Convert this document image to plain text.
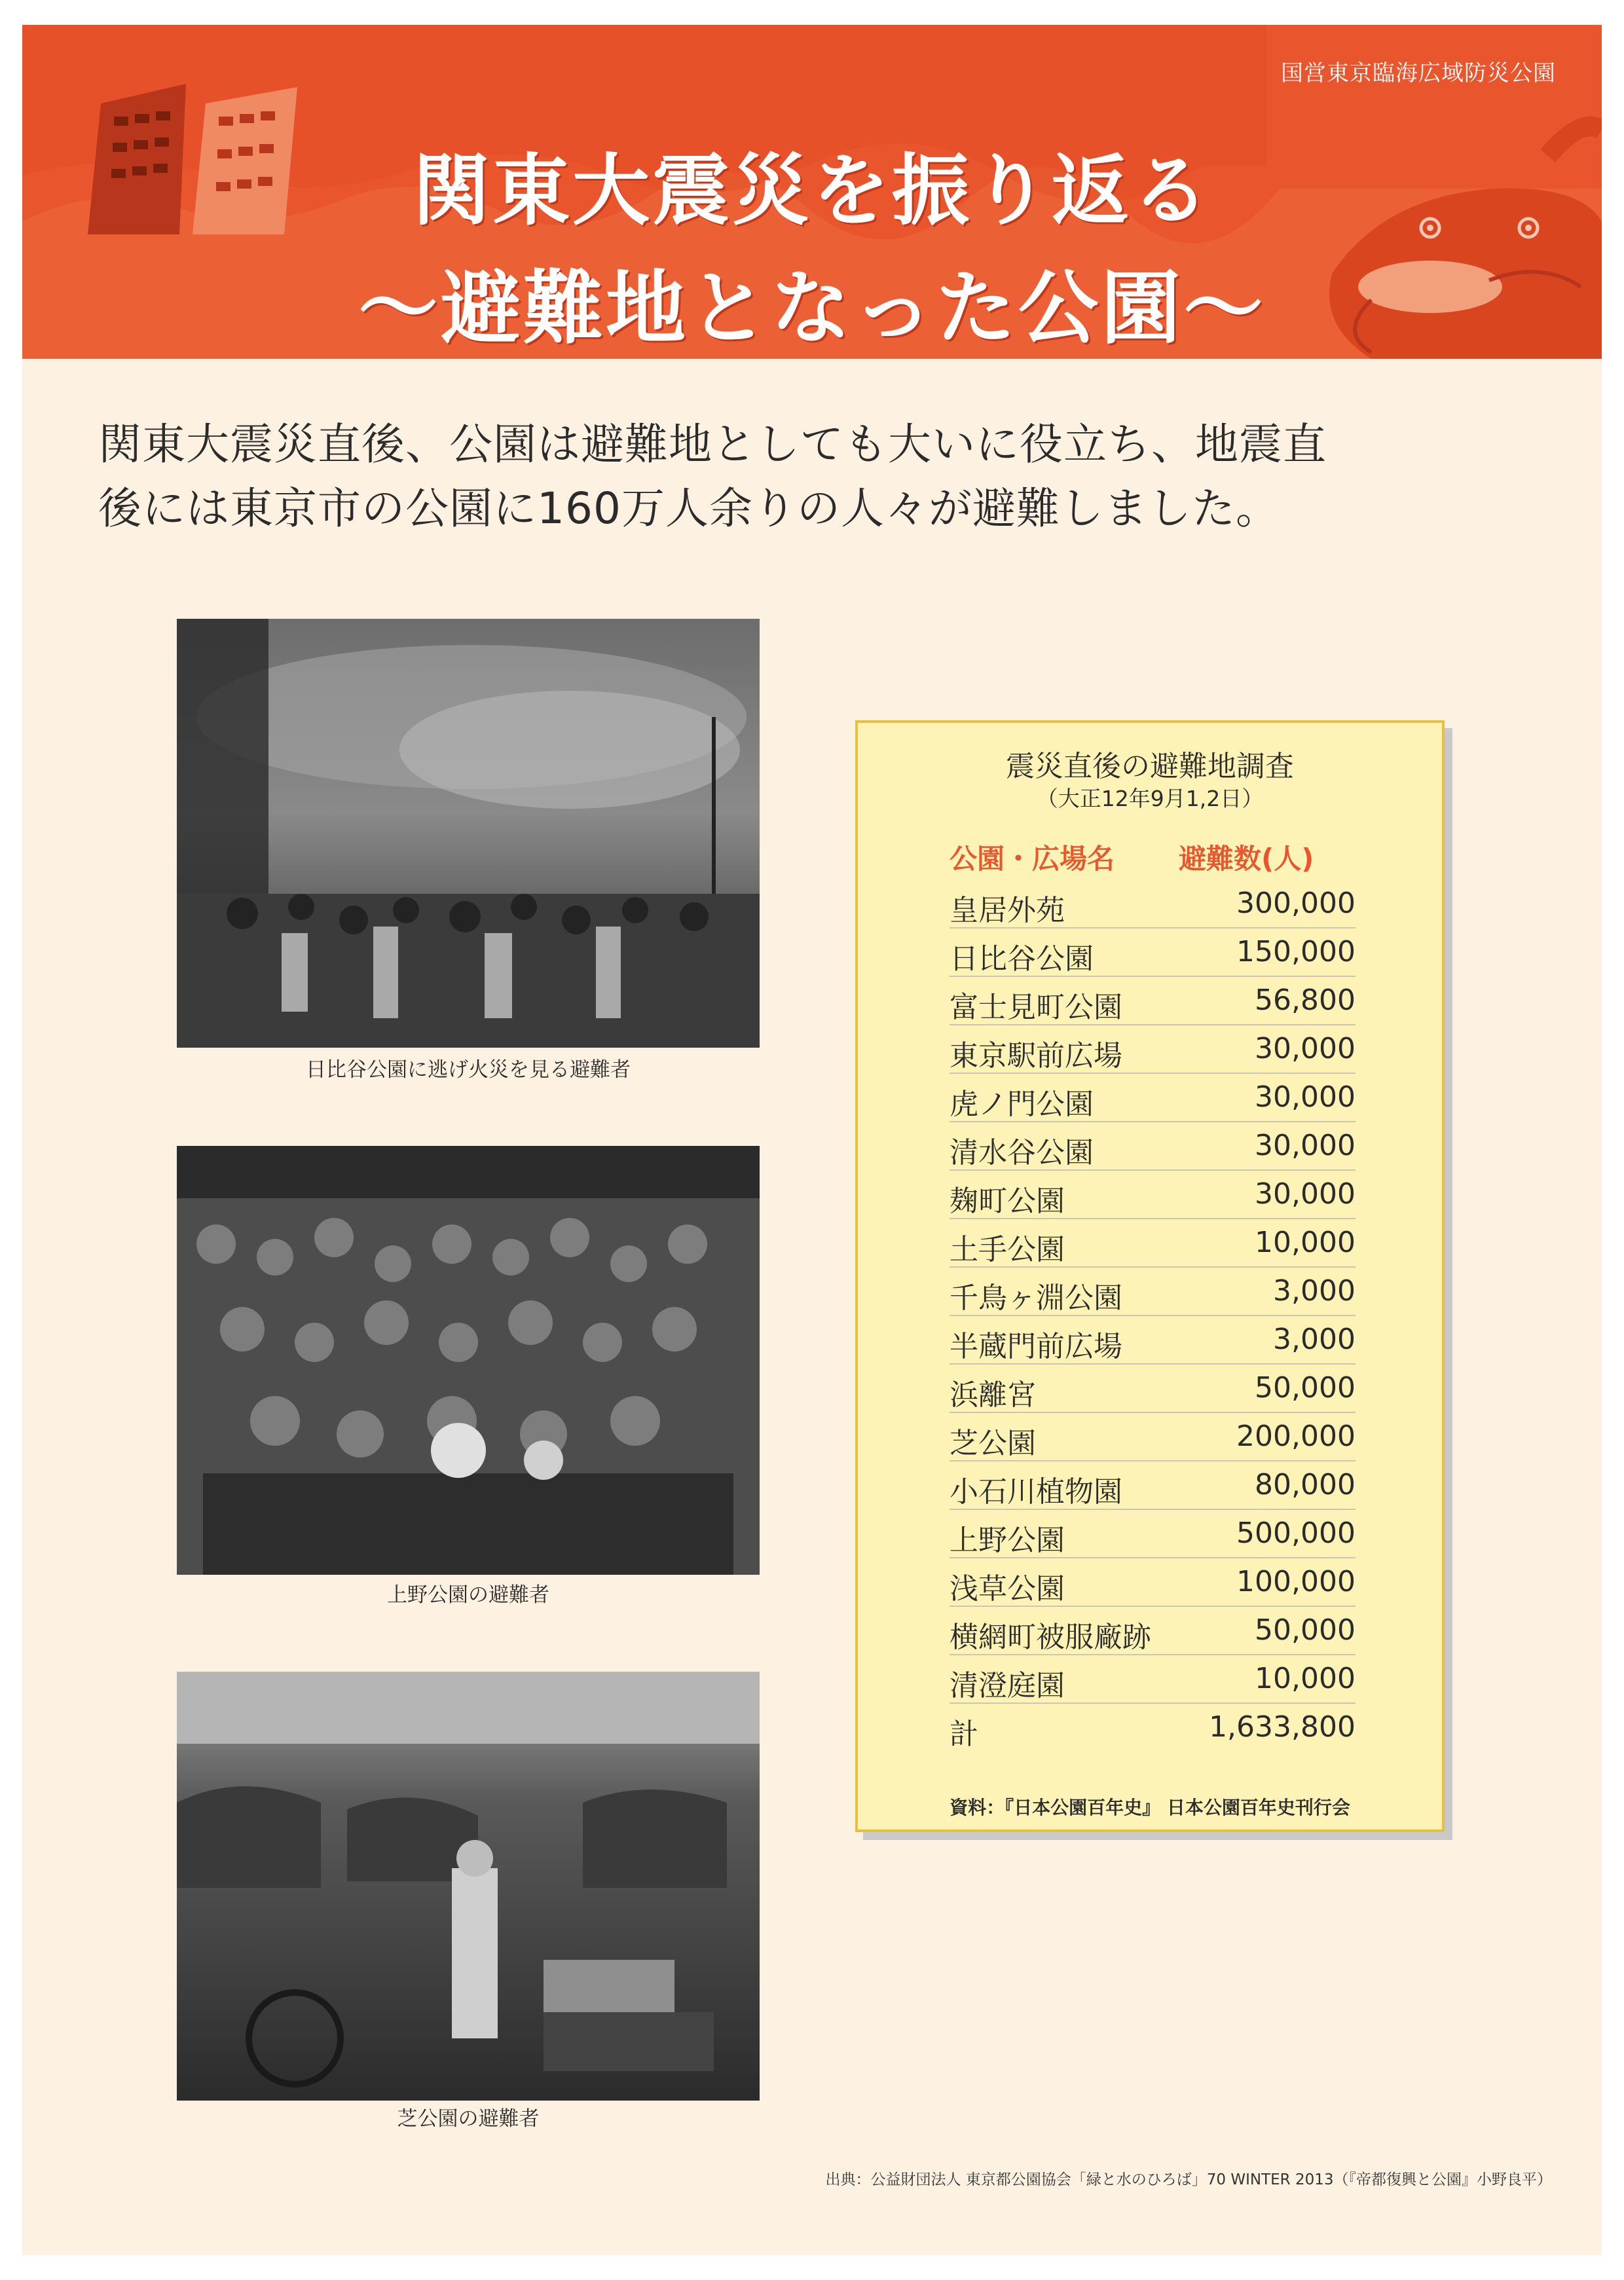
国営東京臨海広域防災公園
関東大震災を振り返る
〜避難地となった公園〜
関東大震災直後、公園は避難地としても大いに役立ち、地震直
後には東京市の公園に160万人余りの人々が避難しました。
日比谷公園に逃げ火災を見る避難者
上野公園の避難者
芝公園の避難者
震災直後の避難地調査
（大正12年9月1,2日）
公園・広場名 避難数(人)
皇居外苑	300,000
日比谷公園	150,000
富士見町公園	56,800
東京駅前広場	30,000
虎ノ門公園	30,000
清水谷公園	30,000
麹町公園	30,000
土手公園	10,000
千鳥ヶ淵公園	3,000
半蔵門前広場	3,000
浜離宮	50,000
芝公園	200,000
小石川植物園	80,000
上野公園	500,000
浅草公園	100,000
横網町被服廠跡	50,000
清澄庭園	10,000
計	1,633,800
資料：『日本公園百年史』 日本公園百年史刊行会
出典：公益財団法人 東京都公園協会「緑と水のひろば」70 WINTER 2013（『帝都復興と公園』小野良平）
